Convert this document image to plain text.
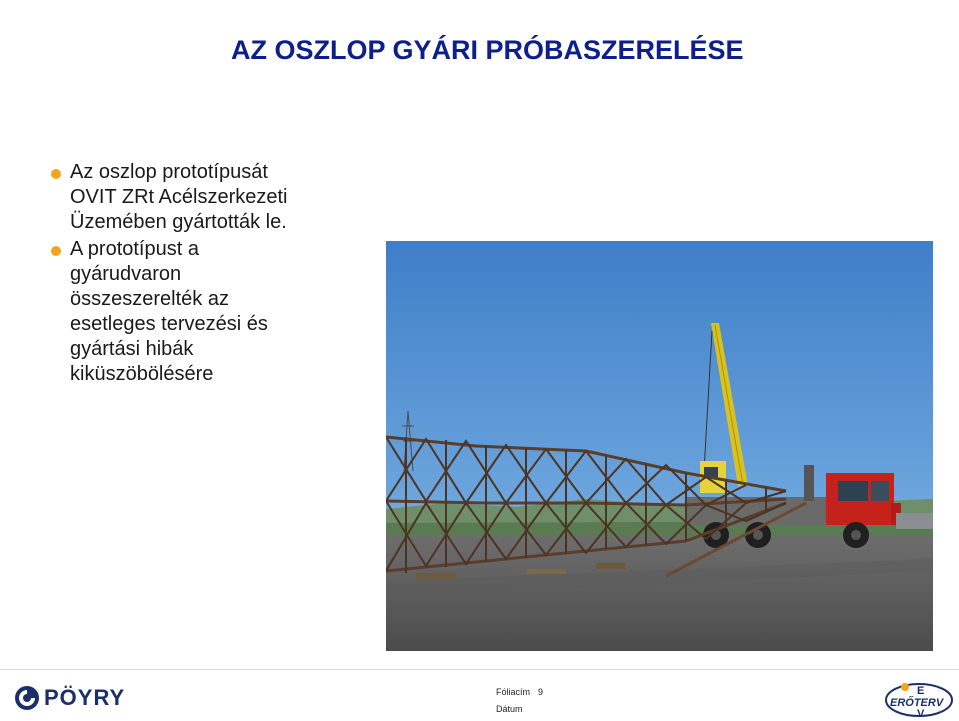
AZ OSZLOP GYÁRI PRÓBASZERELÉSE
Az oszlop prototípusát
OVIT ZRt Acélszerkezeti
Üzemében gyártották le.
A prototípust a
gyárudvaron
összeszerelték az
esetleges tervezési és
gyártási hibák
kiküszöbölésére
PÖYRY	Fóliacím 9
Dátum
E
ERŐTERV
V
